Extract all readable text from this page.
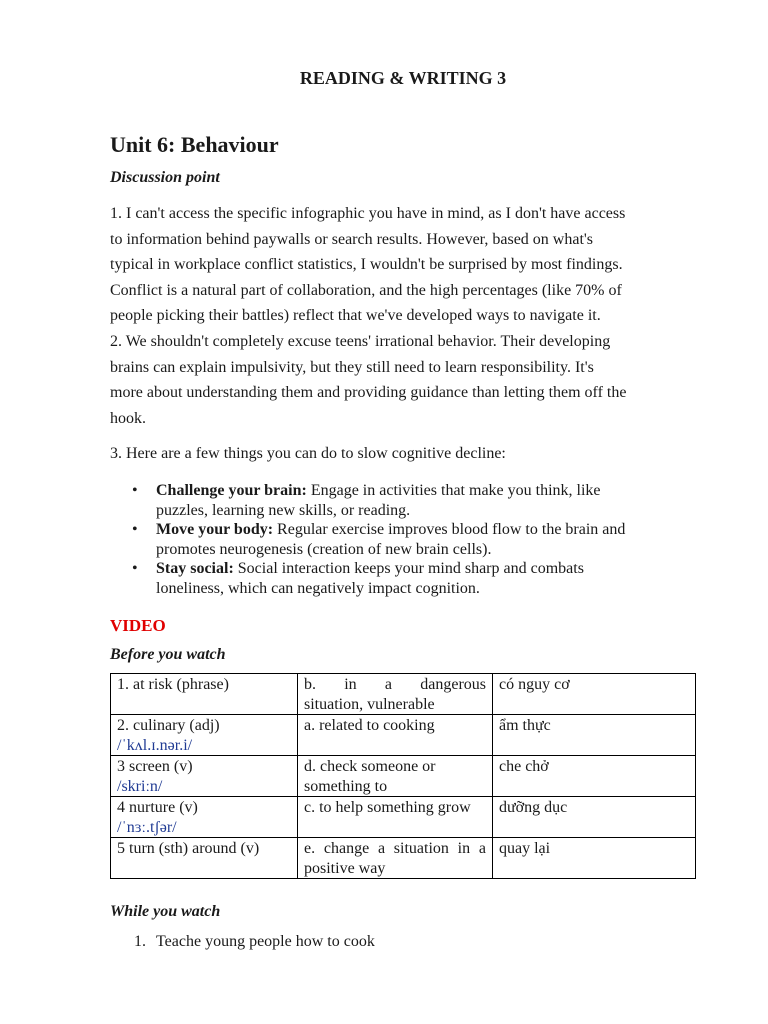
READING & WRITING 3
Unit 6: Behaviour
Discussion point
1. I can't access the specific infographic you have in mind, as I don't have access
to information behind paywalls or search results. However, based on what's
typical in workplace conflict statistics, I wouldn't be surprised by most findings.
Conflict is a natural part of collaboration, and the high percentages (like 70% of
people picking their battles) reflect that we've developed ways to navigate it.
2. We shouldn't completely excuse teens' irrational behavior. Their developing
brains can explain impulsivity, but they still need to learn responsibility. It's
more about understanding them and providing guidance than letting them off the
hook.
3. Here are a few things you can do to slow cognitive decline:
• Challenge your brain: Engage in activities that make you think, like
puzzles, learning new skills, or reading.
• Move your body: Regular exercise improves blood flow to the brain and
promotes neurogenesis (creation of new brain cells).
• Stay social: Social interaction keeps your mind sharp and combats
loneliness, which can negatively impact cognition.
VIDEO
Before you watch
1. at risk (phrase)	b. in a dangerous
situation, vulnerable	có nguy cơ
2. culinary (adj)
/ˈkʌl.ɪ.nər.i/	a. related to cooking	ẩm thực
3 screen (v)
/skriːn/	d. check someone or
something to	che chở
4 nurture (v)
/ˈnɜː.tʃər/	c. to help something grow	dưỡng dục
5 turn (sth) around (v)	e. change a situation in a
positive way	quay lại
While you watch
1. Teache young people how to cook
